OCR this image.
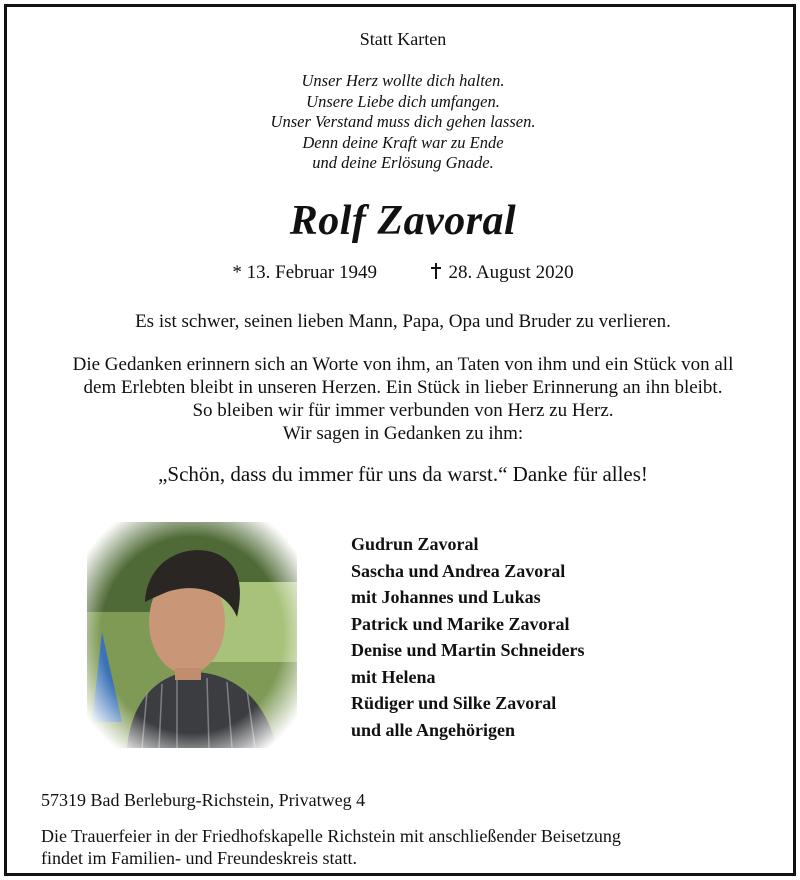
Statt Karten
Unser Herz wollte dich halten.
Unsere Liebe dich umfangen.
Unser Verstand muss dich gehen lassen.
Denn deine Kraft war zu Ende
und deine Erlösung Gnade.
Rolf Zavoral
* 13. Februar 1949	28. August 2020
Es ist schwer, seinen lieben Mann, Papa, Opa und Bruder zu verlieren.
Die Gedanken erinnern sich an Worte von ihm, an Taten von ihm und ein Stück von all
dem Erlebten bleibt in unseren Herzen. Ein Stück in lieber Erinnerung an ihn bleibt.
So bleiben wir für immer verbunden von Herz zu Herz.
Wir sagen in Gedanken zu ihm:
„Schön, dass du immer für uns da warst.“ Danke für alles!
Gudrun Zavoral
Sascha und Andrea Zavoral
mit Johannes und Lukas
Patrick und Marike Zavoral
Denise und Martin Schneiders
mit Helena
Rüdiger und Silke Zavoral
und alle Angehörigen
57319 Bad Berleburg-Richstein, Privatweg 4
Die Trauerfeier in der Friedhofskapelle Richstein mit anschließender Beisetzung
findet im Familien- und Freundeskreis statt.
